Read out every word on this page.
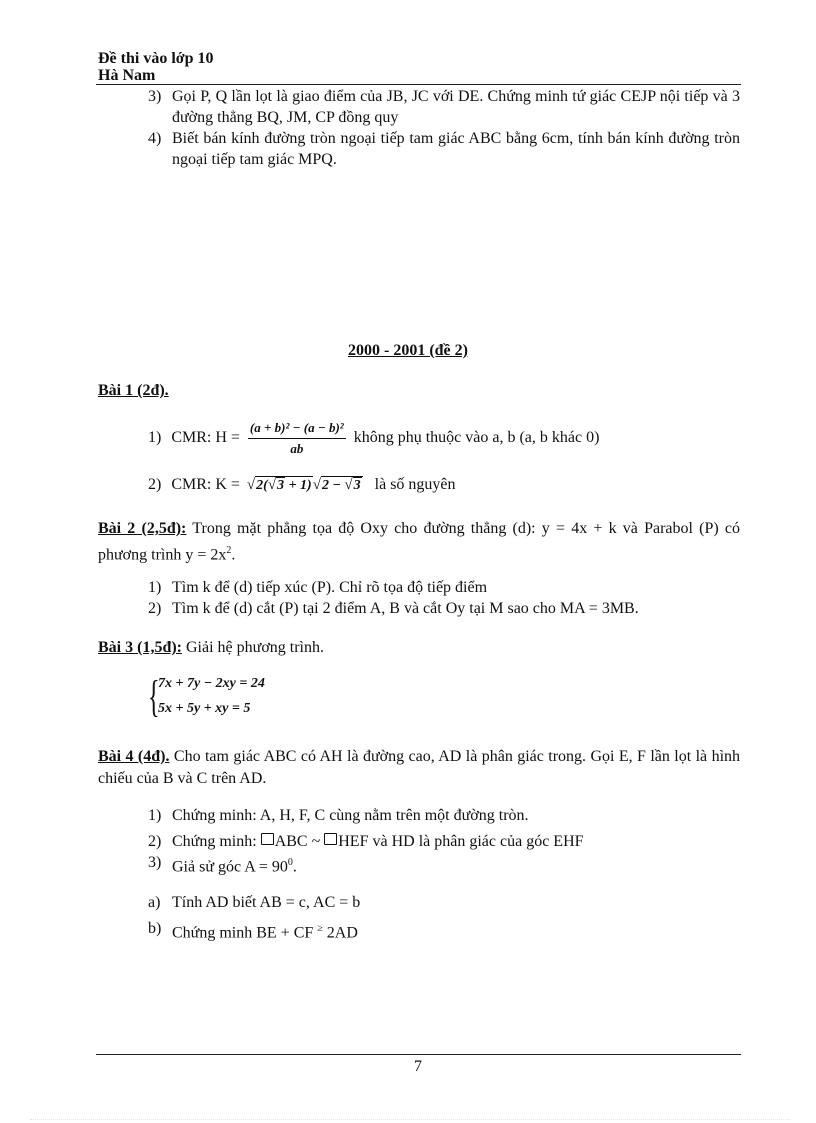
Đề thi vào lớp 10
Hà Nam
3) Gọi P, Q lần lọt là giao điểm của JB, JC với DE. Chứng minh tứ giác CEJP nội tiếp và 3 đường thẳng BQ, JM, CP đồng quy
4) Biết bán kính đường tròn ngoại tiếp tam giác ABC bằng 6cm, tính bán kính đường tròn ngoại tiếp tam giác MPQ.
2000 - 2001 (đề 2)
Bài 1 (2đ).
1) CMR: $H = \frac{\text{(a + b)² − (a − b)²}}{ab}$ không phụ thuộc vào a, b (a, b khác 0)
2) CMR: K = √2(√3 + 1)√2 − √3 là số nguyên
Bài 2 (2,5đ): Trong mặt phẳng tọa độ Oxy cho đường thẳng (d): y = 4x + k và Parabol (P) có phương trình $y = 2x^2$.
1) Tìm k để (d) tiếp xúc (P). Chỉ rõ tọa độ tiếp điểm
2) Tìm k để (d) cắt (P) tại 2 điểm A, B và cắt Oy tại M sao cho MA = 3MB.
Bài 3 (1,5đ): Giải hệ phương trình.
{
7x + 7y − 2xy = 24
5x + 5y + xy = 5
Bài 4 (4đ). Cho tam giác ABC có AH là đường cao, AD là phân giác trong. Gọi E, F lần lọt là hình chiếu của B và C trên AD.
1) Chứng minh: A, H, F, C cùng nằm trên một đường tròn.
2) Chứng minh: ABC ~ HEF và HD là phân giác của góc EHF
3) Giả sử góc $A = 90^0$.
a) Tính AD biết AB = c, AC = b
b) Chứng minh BE + CF ≥ 2AD
7
